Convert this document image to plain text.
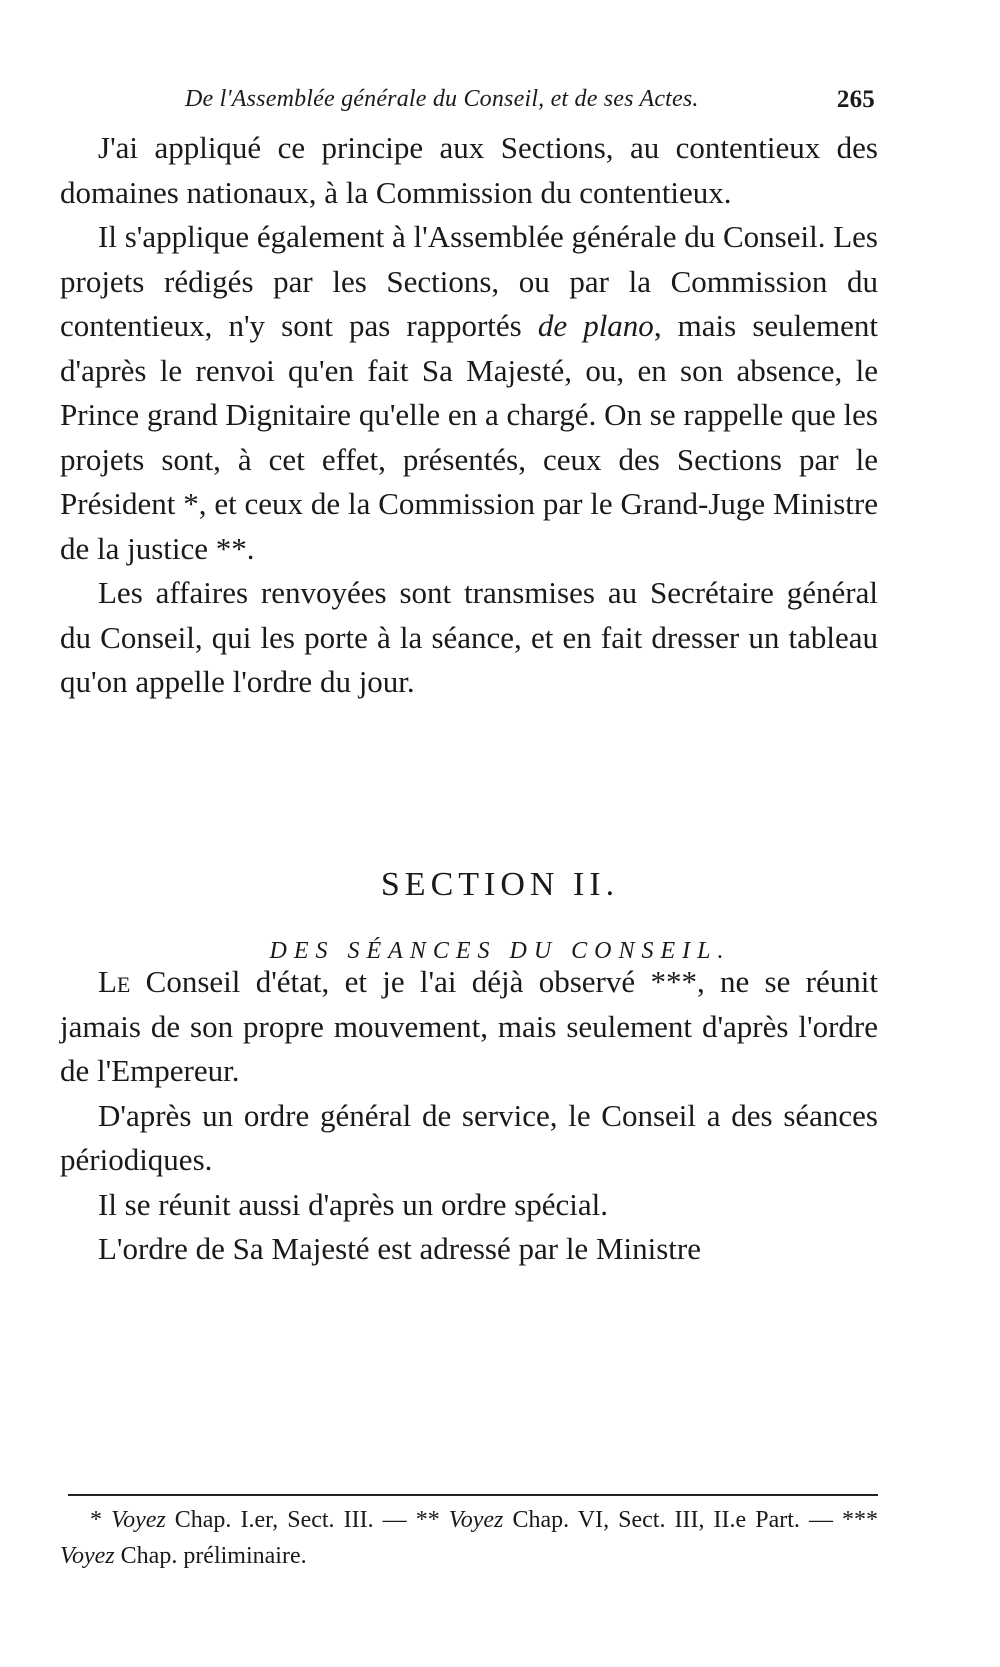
De l'Assemblée générale du Conseil, et de ses Actes.	265

J'ai appliqué ce principe aux Sections, au contentieux des domaines nationaux, à la Commission du contentieux.

Il s'applique également à l'Assemblée générale du Conseil. Les projets rédigés par les Sections, ou par la Commission du contentieux, n'y sont pas rapportés de plano, mais seulement d'après le renvoi qu'en fait Sa Majesté, ou, en son absence, le Prince grand Dignitaire qu'elle en a chargé. On se rappelle que les projets sont, à cet effet, présentés, ceux des Sections par le Président *, et ceux de la Commission par le Grand-Juge Ministre de la justice **.

Les affaires renvoyées sont transmises au Secrétaire général du Conseil, qui les porte à la séance, et en fait dresser un tableau qu'on appelle l'ordre du jour.

SECTION II.
DES SÉANCES DU CONSEIL.

Le Conseil d'état, et je l'ai déjà observé ***, ne se réunit jamais de son propre mouvement, mais seulement d'après l'ordre de l'Empereur.

D'après un ordre général de service, le Conseil a des séances périodiques.

Il se réunit aussi d'après un ordre spécial.

L'ordre de Sa Majesté est adressé par le Ministre

* Voyez Chap. I.er, Sect. III. — ** Voyez Chap. VI, Sect. III, II.e Part. — *** Voyez Chap. préliminaire.
